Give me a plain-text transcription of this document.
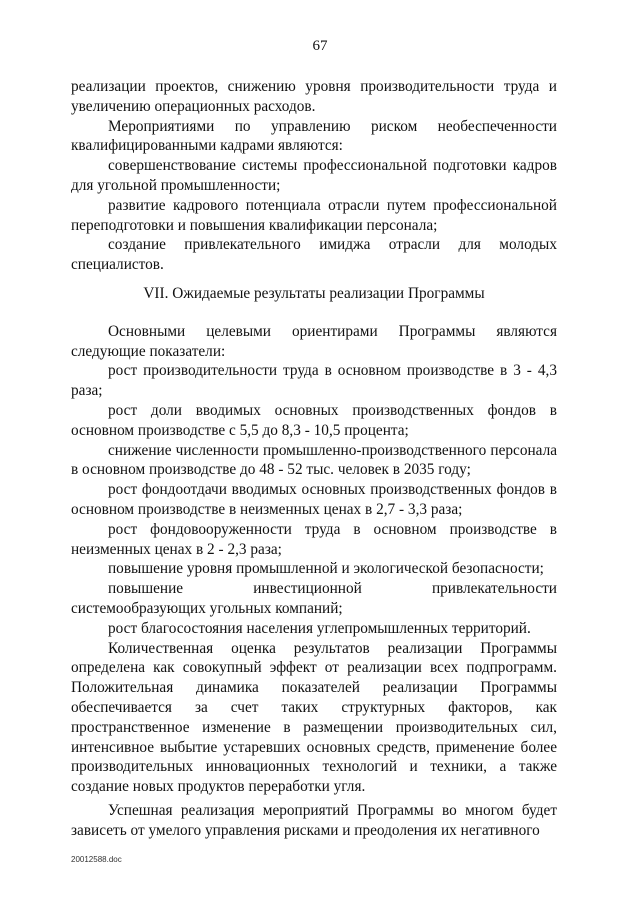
67

реализации проектов, снижению уровня производительности труда и увеличению операционных расходов.

Мероприятиями по управлению риском необеспеченности квалифицированными кадрами являются:

совершенствование системы профессиональной подготовки кадров для угольной промышленности;

развитие кадрового потенциала отрасли путем профессиональной переподготовки и повышения квалификации персонала;

создание привлекательного имиджа отрасли для молодых специалистов.

VII. Ожидаемые результаты реализации Программы

Основными целевыми ориентирами Программы являются следующие показатели:

рост производительности труда в основном производстве в 3 - 4,3 раза;

рост доли вводимых основных производственных фондов в основном производстве с 5,5 до 8,3 - 10,5 процента;

снижение численности промышленно-производственного персонала в основном производстве до 48 - 52 тыс. человек в 2035 году;

рост фондоотдачи вводимых основных производственных фондов в основном производстве в неизменных ценах в 2,7 - 3,3 раза;

рост фондовооруженности труда в основном производстве в неизменных ценах в 2 - 2,3 раза;

повышение уровня промышленной и экологической безопасности;

повышение инвестиционной привлекательности системообразующих угольных компаний;

рост благосостояния населения углепромышленных территорий.

Количественная оценка результатов реализации Программы определена как совокупный эффект от реализации всех подпрограмм. Положительная динамика показателей реализации Программы обеспечивается за счет таких структурных факторов, как пространственное изменение в размещении производительных сил, интенсивное выбытие устаревших основных средств, применение более производительных инновационных технологий и техники, а также создание новых продуктов переработки угля.

Успешная реализация мероприятий Программы во многом будет зависеть от умелого управления рисками и преодоления их негативного

20012588.doc
